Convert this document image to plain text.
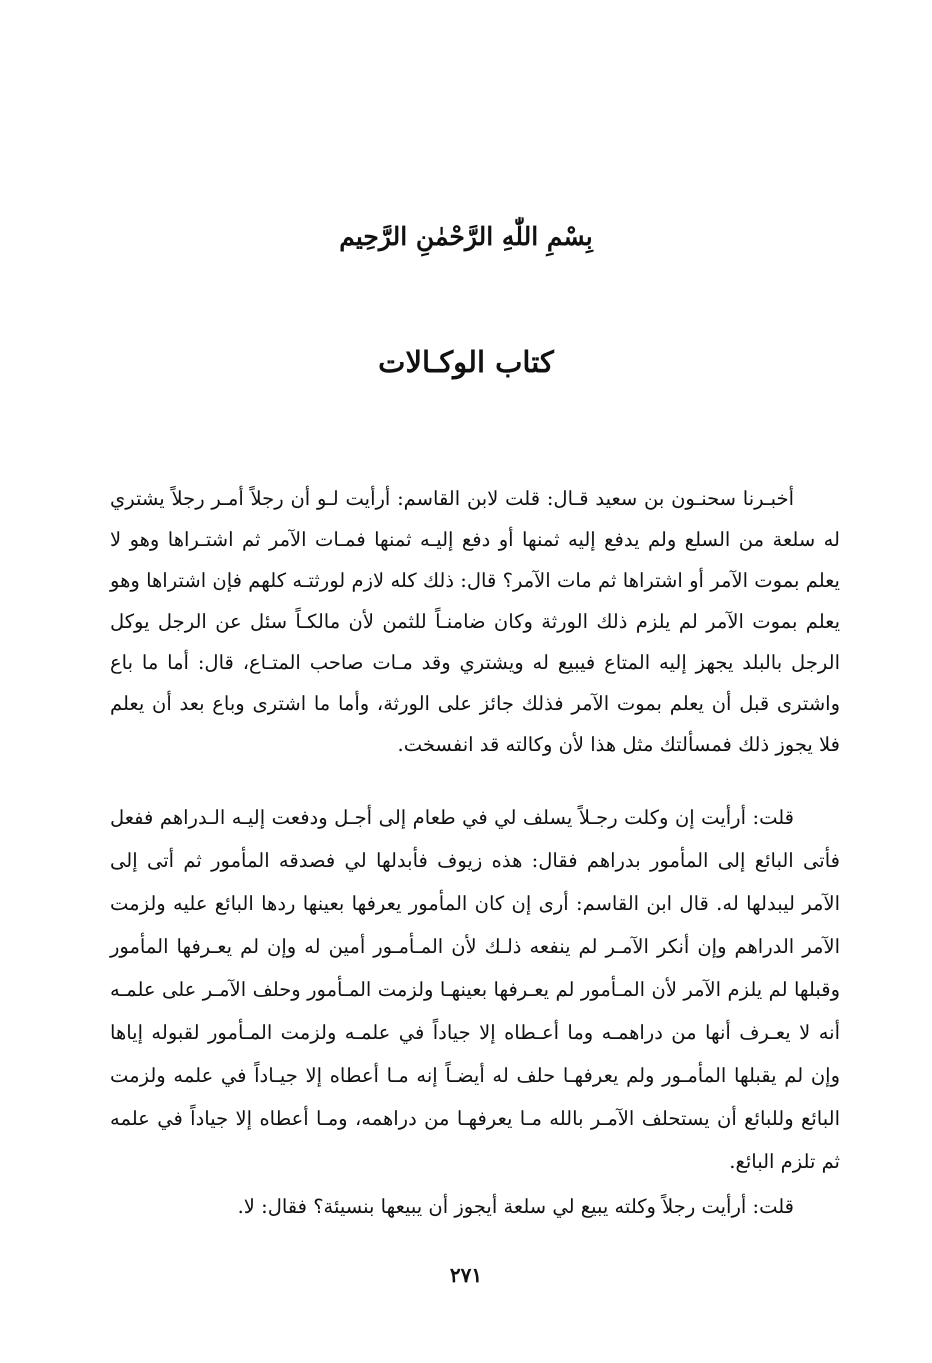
بِسْمِ اللّٰهِ الرَّحْمٰنِ الرَّحِيم
كتاب الوكـالات

أخبـرنا سحنـون بن سعيد قـال: قلت لابن القاسم: أرأيت لـو أن رجلاً أمـر رجلاً يشتري له سلعة من السلع ولم يدفع إليه ثمنها أو دفع إليـه ثمنها فمـات الآمر ثم اشتـراها وهو لا يعلم بموت الآمر أو اشتراها ثم مات الآمر؟ قال: ذلك كله لازم لورثتـه كلهم فإن اشتراها وهو يعلم بموت الآمر لم يلزم ذلك الورثة وكان ضامنـاً للثمن لأن مالكـاً سئل عن الرجل يوكل الرجل بالبلد يجهز إليه المتاع فيبيع له ويشتري وقد مـات صاحب المتـاع، قال: أما ما باع واشترى قبل أن يعلم بموت الآمر فذلك جائز على الورثة، وأما ما اشترى وباع بعد أن يعلم فلا يجوز ذلك فمسألتك مثل هذا لأن وكالته قد انفسخت.

قلت: أرأيت إن وكلت رجـلاً يسلف لي في طعام إلى أجـل ودفعت إليـه الـدراهم ففعل فأتى البائع إلى المأمور بدراهم فقال: هذه زيوف فأبدلها لي فصدقه المأمور ثم أتى إلى الآمر ليبدلها له. قال ابن القاسم: أرى إن كان المأمور يعرفها بعينها ردها البائع عليه ولزمت الآمر الدراهم وإن أنكر الآمـر لم ينفعه ذلـك لأن المـأمـور أمين له وإن لم يعـرفها المأمور وقبلها لم يلزم الآمر لأن المـأمور لم يعـرفها بعينهـا ولزمت المـأمور وحلف الآمـر على علمـه أنه لا يعـرف أنها من دراهمـه وما أعـطاه إلا جياداً في علمـه ولزمت المـأمور لقبوله إياها وإن لم يقبلها المأمـور ولم يعرفهـا حلف له أيضـاً إنه مـا أعطاه إلا جيـاداً في علمه ولزمت البائع وللبائع أن يستحلف الآمـر بالله مـا يعرفهـا من دراهمه، ومـا أعطاه إلا جياداً في علمه ثم تلزم البائع.

قلت: أرأيت رجلاً وكلته يبيع لي سلعة أيجوز أن يبيعها بنسيئة؟ فقال: لا.

٢٧١
